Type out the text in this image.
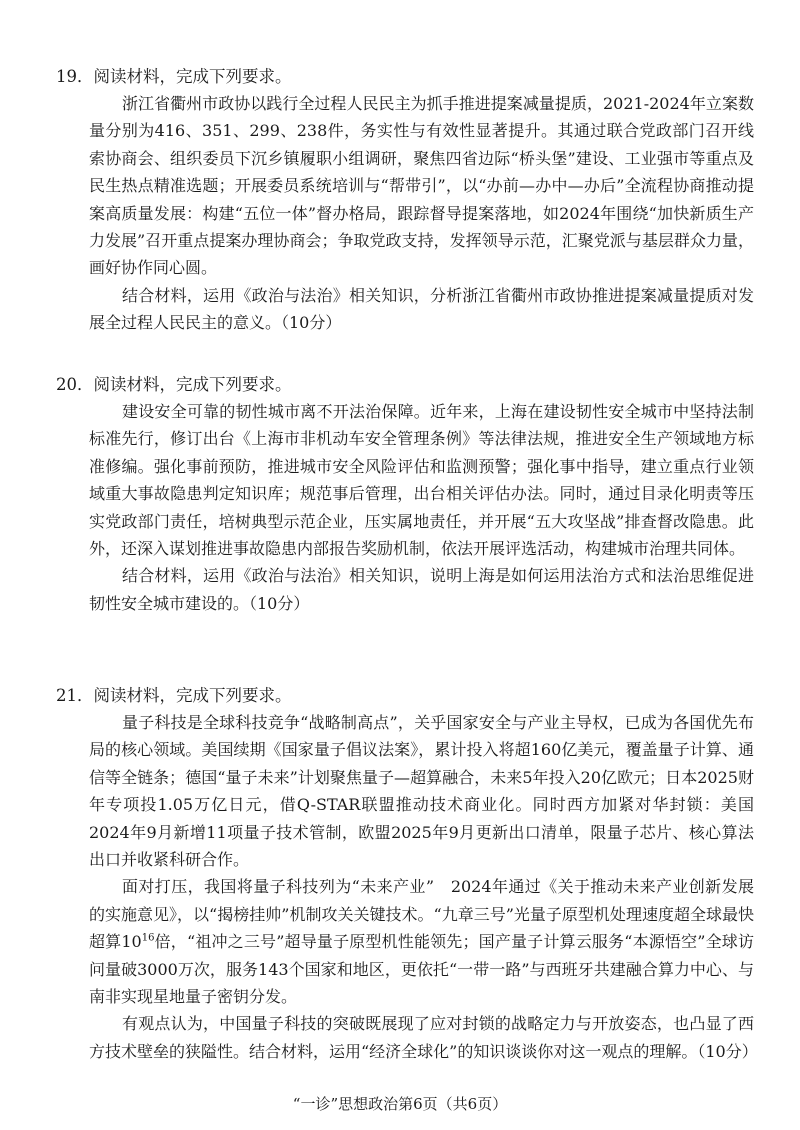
19．阅读材料，完成下列要求。

浙江省衢州市政协以践行全过程人民民主为抓手推进提案减量提质，2021-2024年立案数量分别为416、351、299、238件，务实性与有效性显著提升。其通过联合党政部门召开线索协商会、组织委员下沉乡镇履职小组调研，聚焦四省边际“桥头堡”建设、工业强市等重点及民生热点精准选题；开展委员系统培训与“帮带引”，以“办前—办中—办后”全流程协商推动提案高质量发展：构建“五位一体”督办格局，跟踪督导提案落地，如2024年围绕“加快新质生产力发展”召开重点提案办理协商会；争取党政支持，发挥领导示范，汇聚党派与基层群众力量，画好协作同心圆。

结合材料，运用《政治与法治》相关知识，分析浙江省衢州市政协推进提案减量提质对发展全过程人民民主的意义。（10分）

20．阅读材料，完成下列要求。

建设安全可靠的韧性城市离不开法治保障。近年来，上海在建设韧性安全城市中坚持法制标准先行，修订出台《上海市非机动车安全管理条例》等法律法规，推进安全生产领域地方标准修编。强化事前预防，推进城市安全风险评估和监测预警；强化事中指导，建立重点行业领域重大事故隐患判定知识库；规范事后管理，出台相关评估办法。同时，通过目录化明责等压实党政部门责任，培树典型示范企业，压实属地责任，并开展“五大攻坚战”排查督改隐患。此外，还深入谋划推进事故隐患内部报告奖励机制，依法开展评选活动，构建城市治理共同体。

结合材料，运用《政治与法治》相关知识，说明上海是如何运用法治方式和法治思维促进韧性安全城市建设的。（10分）

21．阅读材料，完成下列要求。

量子科技是全球科技竞争“战略制高点”，关乎国家安全与产业主导权，已成为各国优先布局的核心领域。美国续期《国家量子倡议法案》，累计投入将超160亿美元，覆盖量子计算、通信等全链条；德国“量子未来”计划聚焦量子—超算融合，未来5年投入20亿欧元；日本2025财年专项投1.05万亿日元，借Q-STAR联盟推动技术商业化。同时西方加紧对华封锁：美国2024年9月新增11项量子技术管制，欧盟2025年9月更新出口清单，限量子芯片、核心算法出口并收紧科研合作。

面对打压，我国将量子科技列为“未来产业”　2024年通过《关于推动未来产业创新发展的实施意见》，以“揭榜挂帅”机制攻关关键技术。“九章三号”光量子原型机处理速度超全球最快超算$10^{16}$倍，“祖冲之三号”超导量子原型机性能领先；国产量子计算云服务“本源悟空”全球访问量破3000万次，服务143个国家和地区，更依托“一带一路”与西班牙共建融合算力中心、与南非实现星地量子密钥分发。

有观点认为，中国量子科技的突破既展现了应对封锁的战略定力与开放姿态，也凸显了西方技术壁垒的狭隘性。结合材料，运用“经济全球化”的知识谈谈你对这一观点的理解。（10分）

“一诊”思想政治第6页（共6页）
